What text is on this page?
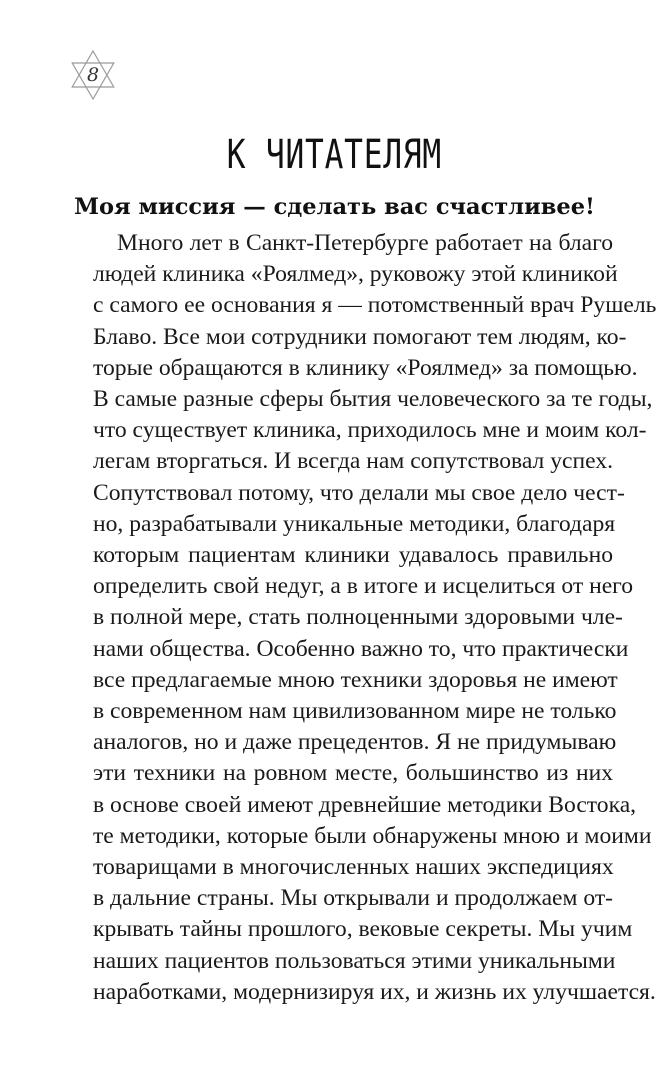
8
К ЧИТАТЕЛЯМ
Моя миссия — сделать вас счастливее!
Много лет в Санкт-Петербурге работает на благо
людей клиника «Роялмед», руковожу этой клиникой
с самого ее основания я — потомственный врач Рушель
Блаво. Все мои сотрудники помогают тем людям, ко-
торые обращаются в клинику «Роялмед» за помощью.
В самые разные сферы бытия человеческого за те годы,
что существует клиника, приходилось мне и моим кол-
легам вторгаться. И всегда нам сопутствовал успех.
Сопутствовал потому, что делали мы свое дело чест-
но, разрабатывали уникальные методики, благодаря
которым пациентам клиники удавалось правильно
определить свой недуг, а в итоге и исцелиться от него
в полной мере, стать полноценными здоровыми чле-
нами общества. Особенно важно то, что практически
все предлагаемые мною техники здоровья не имеют
в современном нам цивилизованном мире не только
аналогов, но и даже прецедентов. Я не придумываю
эти техники на ровном месте, большинство из них
в основе своей имеют древнейшие методики Востока,
те методики, которые были обнаружены мною и моими
товарищами в многочисленных наших экспедициях
в дальние страны. Мы открывали и продолжаем от-
крывать тайны прошлого, вековые секреты. Мы учим
наших пациентов пользоваться этими уникальными
наработками, модернизируя их, и жизнь их улучшается.
